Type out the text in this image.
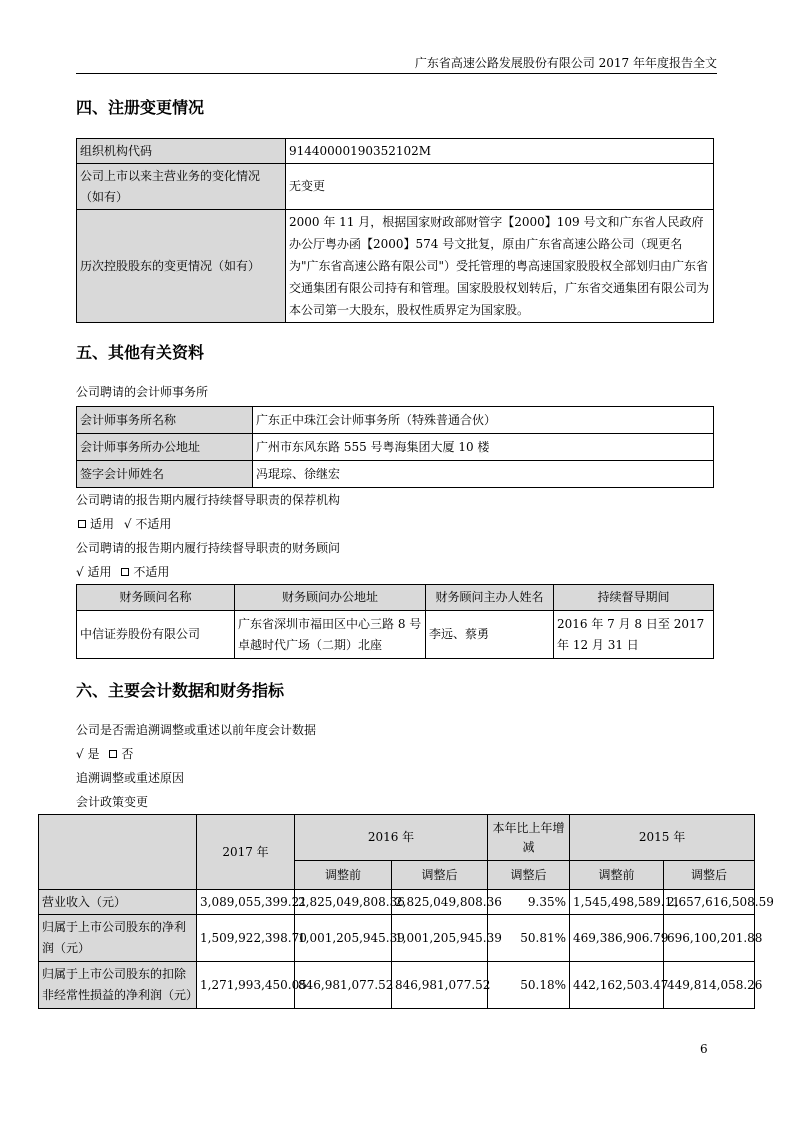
广东省高速公路发展股份有限公司 2017 年年度报告全文
四、注册变更情况
组织机构代码	91440000190352102M
公司上市以来主营业务的变化情况（如有）	无变更
历次控股股东的变更情况（如有）	2000 年 11 月，根据国家财政部财管字【2000】109 号文和广东省人民政府办公厅粤办函【2000】574 号文批复，原由广东省高速公路公司（现更名为"广东省高速公路有限公司"）受托管理的粤高速国家股股权全部划归由广东省交通集团有限公司持有和管理。国家股股权划转后，广东省交通集团有限公司为本公司第一大股东，股权性质界定为国家股。
五、其他有关资料
公司聘请的会计师事务所
会计师事务所名称	广东正中珠江会计师事务所（特殊普通合伙）
会计师事务所办公地址	广州市东风东路 555 号粤海集团大厦 10 楼
签字会计师姓名	冯琨琮、徐继宏
公司聘请的报告期内履行持续督导职责的保荐机构
适用 √ 不适用
公司聘请的报告期内履行持续督导职责的财务顾问
√ 适用 不适用
财务顾问名称	财务顾问办公地址	财务顾问主办人姓名	持续督导期间
中信证券股份有限公司	广东省深圳市福田区中心三路 8 号卓越时代广场（二期）北座	李远、蔡勇	2016 年 7 月 8 日至 2017 年 12 月 31 日
六、主要会计数据和财务指标
公司是否需追溯调整或重述以前年度会计数据
√ 是 否
追溯调整或重述原因
会计政策变更
	2017 年	2016 年		本年比上年增减	2015 年	
		调整前	调整后	调整后	调整前	调整后
营业收入（元）	3,089,055,399.21	2,825,049,808.36	2,825,049,808.36	9.35%	1,545,498,589.11	2,657,616,508.59
归属于上市公司股东的净利润（元）	1,509,922,398.70	1,001,205,945.39	1,001,205,945.39	50.81%	469,386,906.79	696,100,201.88
归属于上市公司股东的扣除非经常性损益的净利润（元）	1,271,993,450.05	846,981,077.52	846,981,077.52	50.18%	442,162,503.47	449,814,058.26
6
